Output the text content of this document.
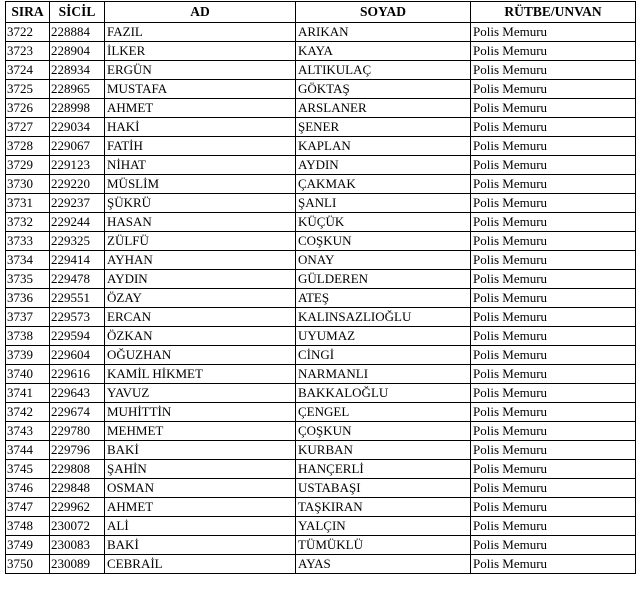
SIRA	SİCİL	AD	SOYAD	RÜTBE/UNVAN
3722	228884	FAZIL	ARIKAN	Polis Memuru
3723	228904	İLKER	KAYA	Polis Memuru
3724	228934	ERGÜN	ALTIKULAÇ	Polis Memuru
3725	228965	MUSTAFA	GÖKTAŞ	Polis Memuru
3726	228998	AHMET	ARSLANER	Polis Memuru
3727	229034	HAKİ	ŞENER	Polis Memuru
3728	229067	FATİH	KAPLAN	Polis Memuru
3729	229123	NİHAT	AYDIN	Polis Memuru
3730	229220	MÜSLİM	ÇAKMAK	Polis Memuru
3731	229237	ŞÜKRÜ	ŞANLI	Polis Memuru
3732	229244	HASAN	KÜÇÜK	Polis Memuru
3733	229325	ZÜLFÜ	COŞKUN	Polis Memuru
3734	229414	AYHAN	ONAY	Polis Memuru
3735	229478	AYDIN	GÜLDEREN	Polis Memuru
3736	229551	ÖZAY	ATEŞ	Polis Memuru
3737	229573	ERCAN	KALINSAZLIOĞLU	Polis Memuru
3738	229594	ÖZKAN	UYUMAZ	Polis Memuru
3739	229604	OĞUZHAN	CİNGİ	Polis Memuru
3740	229616	KAMİL HİKMET	NARMANLI	Polis Memuru
3741	229643	YAVUZ	BAKKALOĞLU	Polis Memuru
3742	229674	MUHİTTİN	ÇENGEL	Polis Memuru
3743	229780	MEHMET	ÇOŞKUN	Polis Memuru
3744	229796	BAKİ	KURBAN	Polis Memuru
3745	229808	ŞAHİN	HANÇERLİ	Polis Memuru
3746	229848	OSMAN	USTABAŞI	Polis Memuru
3747	229962	AHMET	TAŞKIRAN	Polis Memuru
3748	230072	ALİ	YALÇIN	Polis Memuru
3749	230083	BAKİ	TÜMÜKLÜ	Polis Memuru
3750	230089	CEBRAİL	AYAS	Polis Memuru
